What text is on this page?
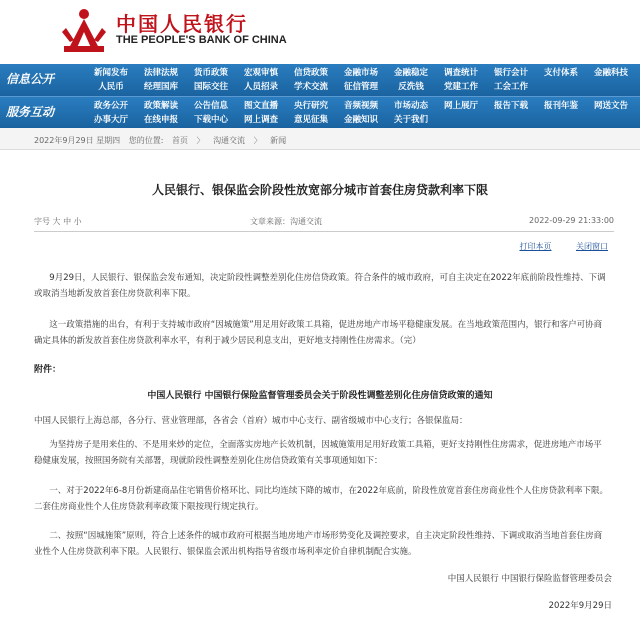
中国人民银行
THE PEOPLE'S BANK OF CHINA
信息公开	新闻发布	法律法规	货币政策	宏观审慎	信贷政策	金融市场	金融稳定	调查统计	银行会计	支付体系	金融科技
人民币	经理国库	国际交往	人员招录	学术交流	征信管理	反洗钱	党建工作	工会工作
服务互动	政务公开	政策解读	公告信息	图文直播	央行研究	音频视频	市场动态	网上展厅	报告下载	报刊年鉴	网送文告
办事大厅	在线申报	下载中心	网上调查	意见征集	金融知识	关于我们
2022年9月29日 星期四 您的位置: 首页 〉 沟通交流 〉 新闻
人民银行、银保监会阶段性放宽部分城市首套住房贷款利率下限
字号 大 中 小	文章来源：沟通交流	2022-09-29 21:33:00
打印本页	关闭窗口
9月29日，人民银行、银保监会发布通知，决定阶段性调整差别化住房信贷政策。符合条件的城市政府，可自主决定在2022年底前阶段性维持、下调或取消当地新发放首套住房贷款利率下限。
这一政策措施的出台，有利于支持城市政府“因城施策”用足用好政策工具箱，促进房地产市场平稳健康发展。在当地政策范围内，银行和客户可协商确定具体的新发放首套住房贷款利率水平，有利于减少居民利息支出，更好地支持刚性住房需求。（完）
附件：
中国人民银行 中国银行保险监督管理委员会关于阶段性调整差别化住房信贷政策的通知
中国人民银行上海总部，各分行、营业管理部，各省会（首府）城市中心支行、副省级城市中心支行；各银保监局：
为坚持房子是用来住的、不是用来炒的定位，全面落实房地产长效机制，因城施策用足用好政策工具箱，更好支持刚性住房需求，促进房地产市场平稳健康发展，按照国务院有关部署，现就阶段性调整差别化住房信贷政策有关事项通知如下：
一、对于2022年6-8月份新建商品住宅销售价格环比、同比均连续下降的城市，在2022年底前，阶段性放宽首套住房商业性个人住房贷款利率下限。二套住房商业性个人住房贷款利率政策下限按现行规定执行。
二、按照“因城施策”原则，符合上述条件的城市政府可根据当地房地产市场形势变化及调控要求，自主决定阶段性维持、下调或取消当地首套住房商业性个人住房贷款利率下限。人民银行、银保监会派出机构指导省级市场利率定价自律机制配合实施。
中国人民银行 中国银行保险监督管理委员会
2022年9月29日
